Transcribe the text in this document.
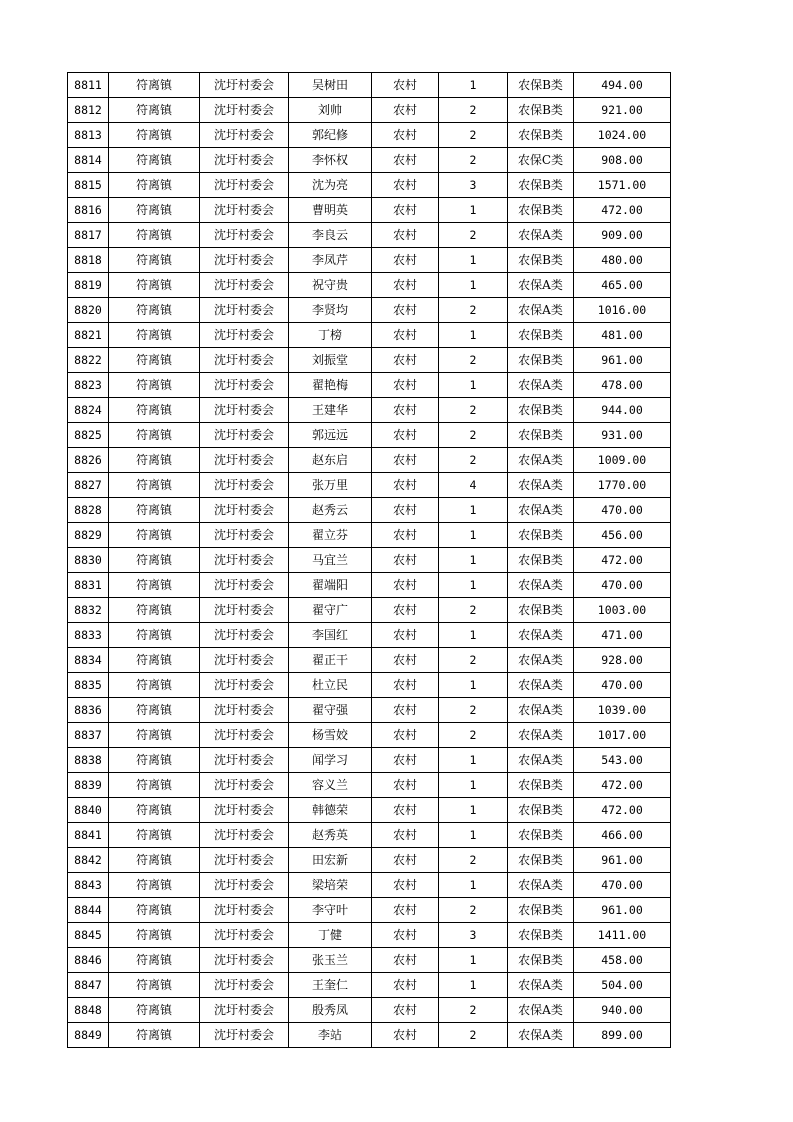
8811	符离镇	沈圩村委会	吴树田	农村	1	农保B类	494.00
8812	符离镇	沈圩村委会	刘帅	农村	2	农保B类	921.00
8813	符离镇	沈圩村委会	郭纪修	农村	2	农保B类	1024.00
8814	符离镇	沈圩村委会	李怀权	农村	2	农保C类	908.00
8815	符离镇	沈圩村委会	沈为亮	农村	3	农保B类	1571.00
8816	符离镇	沈圩村委会	曹明英	农村	1	农保B类	472.00
8817	符离镇	沈圩村委会	李良云	农村	2	农保A类	909.00
8818	符离镇	沈圩村委会	李凤芹	农村	1	农保B类	480.00
8819	符离镇	沈圩村委会	祝守贵	农村	1	农保A类	465.00
8820	符离镇	沈圩村委会	李贤均	农村	2	农保A类	1016.00
8821	符离镇	沈圩村委会	丁榜	农村	1	农保B类	481.00
8822	符离镇	沈圩村委会	刘振堂	农村	2	农保B类	961.00
8823	符离镇	沈圩村委会	翟艳梅	农村	1	农保A类	478.00
8824	符离镇	沈圩村委会	王建华	农村	2	农保B类	944.00
8825	符离镇	沈圩村委会	郭远远	农村	2	农保B类	931.00
8826	符离镇	沈圩村委会	赵东启	农村	2	农保A类	1009.00
8827	符离镇	沈圩村委会	张万里	农村	4	农保A类	1770.00
8828	符离镇	沈圩村委会	赵秀云	农村	1	农保A类	470.00
8829	符离镇	沈圩村委会	翟立芬	农村	1	农保B类	456.00
8830	符离镇	沈圩村委会	马宜兰	农村	1	农保B类	472.00
8831	符离镇	沈圩村委会	翟端阳	农村	1	农保A类	470.00
8832	符离镇	沈圩村委会	翟守广	农村	2	农保B类	1003.00
8833	符离镇	沈圩村委会	李国红	农村	1	农保A类	471.00
8834	符离镇	沈圩村委会	翟正干	农村	2	农保A类	928.00
8835	符离镇	沈圩村委会	杜立民	农村	1	农保A类	470.00
8836	符离镇	沈圩村委会	翟守强	农村	2	农保A类	1039.00
8837	符离镇	沈圩村委会	杨雪姣	农村	2	农保A类	1017.00
8838	符离镇	沈圩村委会	闻学习	农村	1	农保A类	543.00
8839	符离镇	沈圩村委会	容义兰	农村	1	农保B类	472.00
8840	符离镇	沈圩村委会	韩德荣	农村	1	农保B类	472.00
8841	符离镇	沈圩村委会	赵秀英	农村	1	农保B类	466.00
8842	符离镇	沈圩村委会	田宏新	农村	2	农保B类	961.00
8843	符离镇	沈圩村委会	梁培荣	农村	1	农保A类	470.00
8844	符离镇	沈圩村委会	李守叶	农村	2	农保B类	961.00
8845	符离镇	沈圩村委会	丁健	农村	3	农保B类	1411.00
8846	符离镇	沈圩村委会	张玉兰	农村	1	农保B类	458.00
8847	符离镇	沈圩村委会	王奎仁	农村	1	农保A类	504.00
8848	符离镇	沈圩村委会	殷秀凤	农村	2	农保A类	940.00
8849	符离镇	沈圩村委会	李站	农村	2	农保A类	899.00
